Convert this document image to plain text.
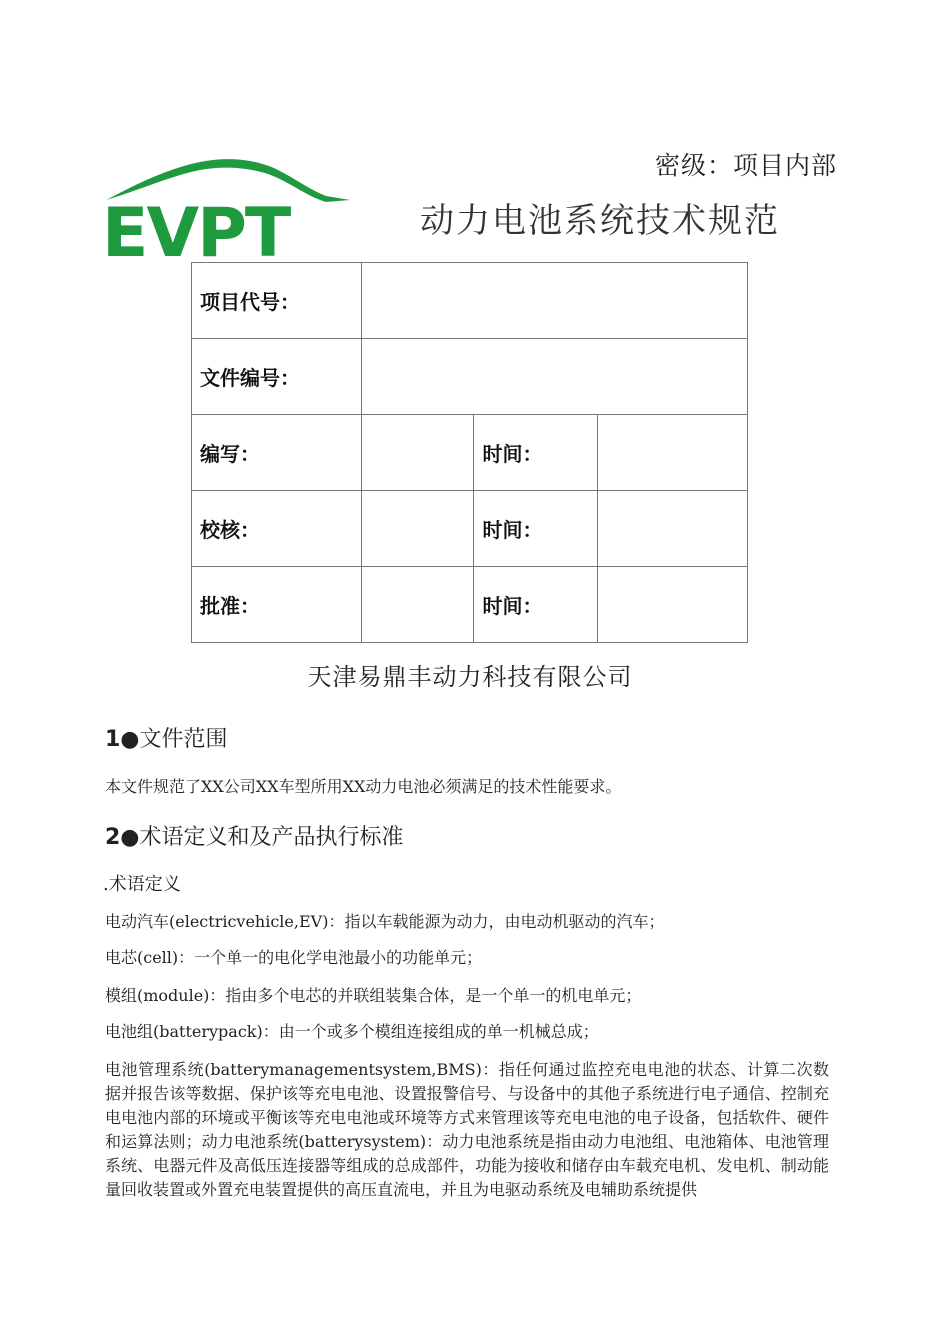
密级：项目内部
EVPT	动力电池系统技术规范
项目代号：			
文件编号：			
编写：		时间：	
校核：		时间：	
批准：		时间：	
天津易鼎丰动力科技有限公司
1●文件范围
本文件规范了XX公司XX车型所用XX动力电池必须满足的技术性能要求。
2●术语定义和及产品执行标准
.术语定义
电动汽车(electricvehicle,EV)：指以车载能源为动力，由电动机驱动的汽车；
电芯(cell)：一个单一的电化学电池最小的功能单元；
模组(module)：指由多个电芯的并联组装集合体，是一个单一的机电单元；
电池组(batterypack)：由一个或多个模组连接组成的单一机械总成；
电池管理系统(batterymanagementsystem,BMS)：指任何通过监控充电电池的状态、计算二次数据并报告该等数据、保护该等充电电池、设置报警信号、与设备中的其他子系统进行电子通信、控制充电电池内部的环境或平衡该等充电电池或环境等方式来管理该等充电电池的电子设备，包括软件、硬件和运算法则；动力电池系统(batterysystem)：动力电池系统是指由动力电池组、电池箱体、电池管理系统、电器元件及高低压连接器等组成的总成部件，功能为接收和储存由车载充电机、发电机、制动能量回收装置或外置充电装置提供的高压直流电，并且为电驱动系统及电辅助系统提供
